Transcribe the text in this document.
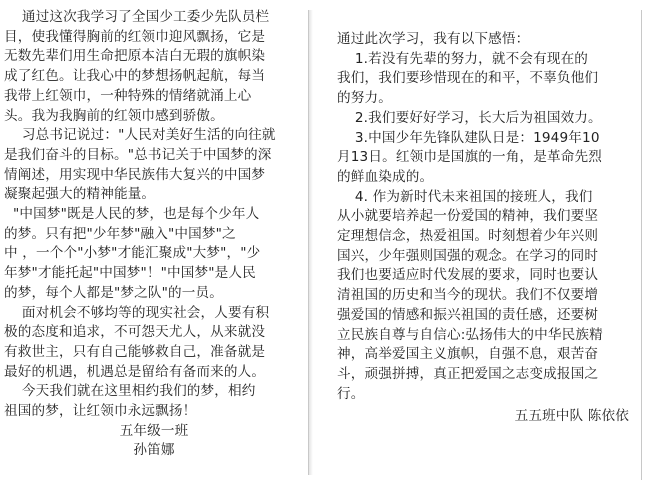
通过这次我学习了全国少工委少先队员栏

目，使我懂得胸前的红领巾迎风飘扬，它是

无数先辈们用生命把原本洁白无瑕的旗帜染

成了红色。让我心中的梦想扬帆起航，每当

我带上红领巾，一种特殊的情绪就涌上心

头。我为我胸前的红领巾感到骄傲。

习总书记说过："人民对美好生活的向往就

是我们奋斗的目标。"总书记关于中国梦的深

情阐述，用实现中华民族伟大复兴的中国梦

凝聚起强大的精神能量。

"中国梦"既是人民的梦，也是每个少年人

的梦。只有把"少年梦"融入"中国梦"之

中 ，一个个"小梦"才能汇聚成"大梦"，"少

年梦"才能托起"中国梦"！"中国梦"是人民

的梦，每个人都是"梦之队"的一员。

面对机会不够均等的现实社会，人要有积

极的态度和追求，不可怨天尤人，从来就没

有救世主，只有自己能够救自己，准备就是

最好的机遇，机遇总是留给有备而来的人。

今天我们就在这里相约我们的梦，相约

祖国的梦，让红领巾永远飘扬！

五年级一班

孙笛娜

通过此次学习，我有以下感悟：

1.若没有先辈的努力，就不会有现在的

我们，我们要珍惜现在的和平，不辜负他们

的努力。

2.我们要好好学习，长大后为祖国效力。

3.中国少年先锋队建队日是：1949年10

月13日。红领巾是国旗的一角，是革命先烈

的鲜血染成的。

4. 作为新时代未来祖国的接班人，我们

从小就要培养起一份爱国的精神，我们要坚

定理想信念，热爱祖国。时刻想着少年兴则

国兴，少年强则国强的观念。在学习的同时

我们也要适应时代发展的要求，同时也要认

清祖国的历史和当今的现状。我们不仅要增

强爱国的情感和振兴祖国的责任感，还要树

立民族自尊与自信心:弘扬伟大的中华民族精

神，高举爱国主义旗帜，自强不息，艰苦奋

斗，顽强拼搏，真正把爱国之志变成报国之

行。

五五班中队 陈依依
